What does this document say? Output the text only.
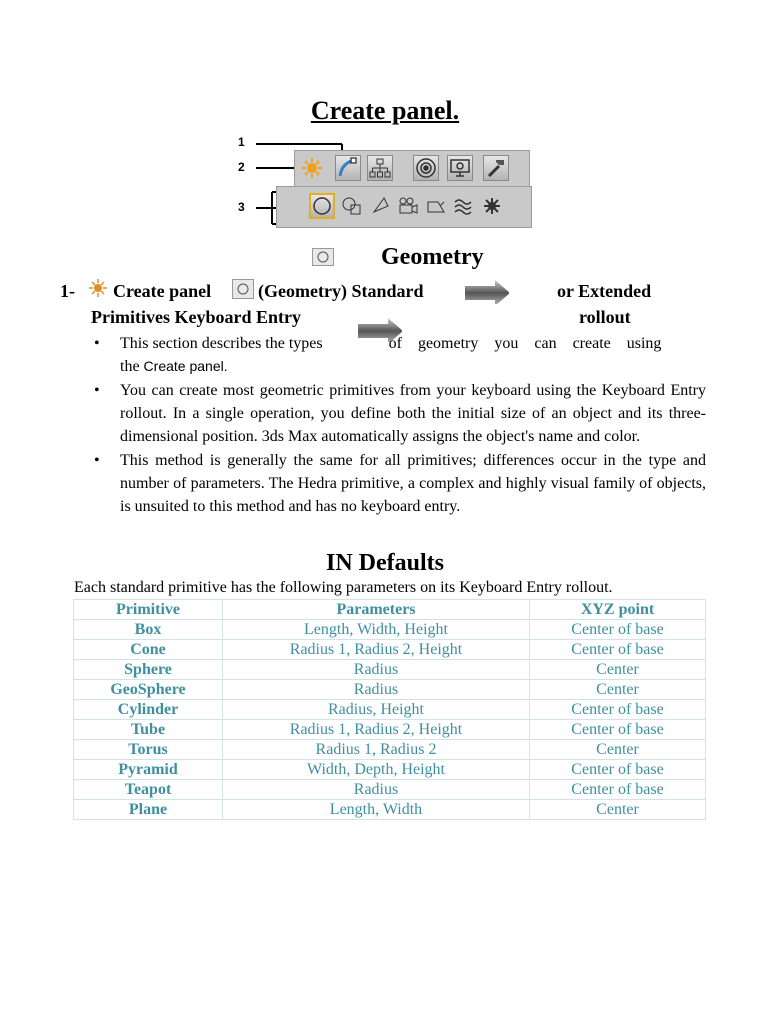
Create panel.
1
2
3
Geometry
1- Create panel	(Geometry) Standard	or Extended
Primitives Keyboard Entry	rollout
• This section describes the types	of geometry you can create using
the Create panel.
• You can create most geometric primitives from your keyboard using the Keyboard Entry rollout. In a single operation, you define both the initial size of an object and its three-dimensional position. 3ds Max automatically assigns the object's name and color.
• This method is generally the same for all primitives; differences occur in the type and number of parameters. The Hedra primitive, a complex and highly visual family of objects, is unsuited to this method and has no keyboard entry.
IN Defaults
Each standard primitive has the following parameters on its Keyboard Entry rollout.
Primitive	Parameters	XYZ point
Box	Length, Width, Height	Center of base
Cone	Radius 1, Radius 2, Height	Center of base
Sphere	Radius	Center
GeoSphere	Radius	Center
Cylinder	Radius, Height	Center of base
Tube	Radius 1, Radius 2, Height	Center of base
Torus	Radius 1, Radius 2	Center
Pyramid	Width, Depth, Height	Center of base
Teapot	Radius	Center of base
Plane	Length, Width	Center
